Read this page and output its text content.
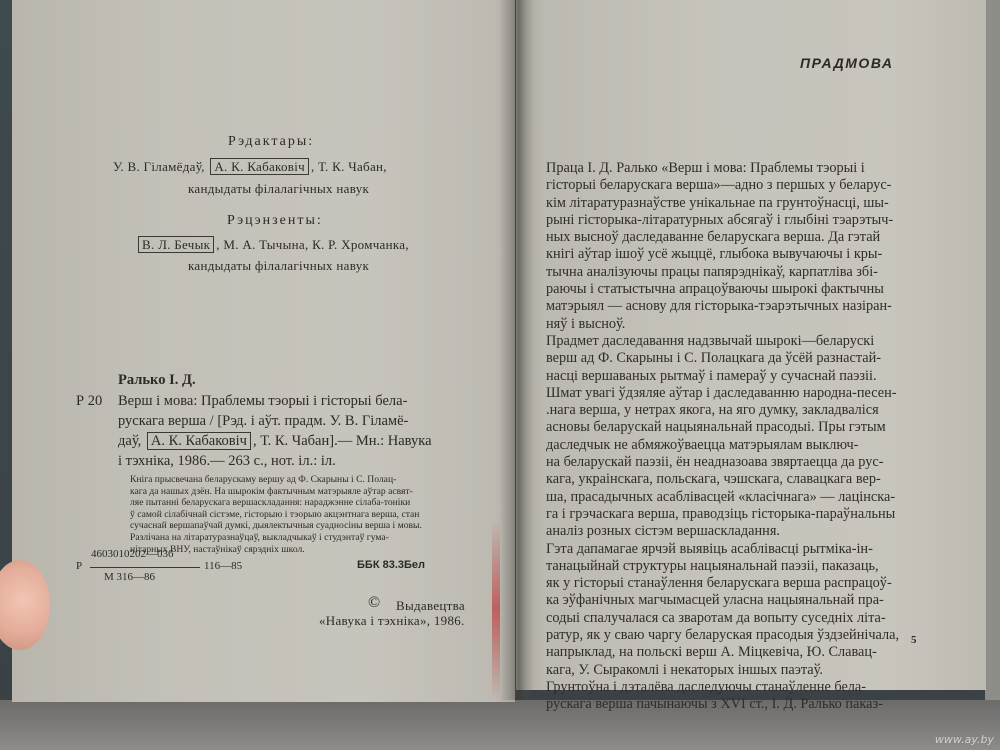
Рэдактары:
У. В. Гіламёдаў, А. К. Кабаковіч , Т. К. Чабан,
кандыдаты філалагічных навук
Рэцэнзенты:
В. Л. Бечык , М. А. Тычына, К. Р. Хромчанка,
кандыдаты філалагічных навук
Ралько І. Д.
Р 20 Верш і мова: Праблемы тэорыі і гісторыі бела-
рускага верша / [Рэд. і аўт. прадм. У. В. Гіламё-
даў, А. К. Кабаковіч , Т. К. Чабан].— Мн.: Навука
і тэхніка, 1986.— 263 с., нот. іл.: іл.
Кніга прысвечана беларускаму вершу ад Ф. Скарыны і С. Полац-
кага да нашых дзён. На шырокім фактычным матэрыяле аўтар асвят-
ляе пытанні беларускага вершаскладання: нараджэнне сілаба-тоніки
ў самой сілабічнай сістэме, гісторыю і тэорыю акцэнтнага верша, стан
сучаснай вершапаўчай думкі, дыялектычныя суадносіны верша і мовы.
Разлічана на літаратуразнаўцаў, выкладчыкаў і студэнтаў гума-
нітарных ВНУ, настаўнікаў сярэдніх школ.
4603010202—036
Р	116—85
М 316—86
ББК 83.3Бел
© Выдавецтва
«Навука і тэхніка», 1986.
ПРАДМОВА

Праца І. Д. Ралько «Верш і мова: Праблемы тэорыі і

гісторыі беларускага верша»—адно з першых у беларус-

кім літаратуразнаўстве унікальнае па грунтоўнасці, шы-

рыні гісторыка-літаратурных абсягаў і глыбіні тэарэтыч-

ных высноў даследаванне беларускага верша. Да гэтай

кнігі аўтар ішоў усё жыццё, глыбока вывучаючы і кры-

тычна аналізуючы працы папярэднікаў, карпатліва збі-

раючы і статыстычна апрацоўваючы шырокі фактычны

матэрыял — аснову для гісторыка-тэарэтычных назіран-

няў і высноў.

Прадмет даследавання надзвычай шырокі—беларускі

верш ад Ф. Скарыны і С. Полацкага да ўсёй разнастай-

насці вершаваных рытмаў і памераў у сучаснай паэзіі.

Шмат увагі ўдзяляе аўтар і даследаванню народна-песен-

.нага верша, у нетрах якога, на яго думку, закладваліся

асновы беларускай нацыянальнай прасодыі. Пры гэтым

даследчык не абмяжоўваецца матэрыялам выключ-

на беларускай паэзіі, ён неадназоава звяртаецца да рус-

кага, украінскага, польскага, чэшскага, славацкага вер-

ша, прасадычных асаблівасцей «класічнага» — лацінска-

га і грэчаскага верша, праводзіць гісторыка-параўнальны

аналіз розных сістэм вершаскладання.

Гэта дапамагае ярчэй выявіць асаблівасці рытміка-ін-

танацыйнай структуры нацыянальнай паэзіі, паказаць,

як у гісторыі станаўлення беларускага верша распрацоў-

ка эўфанічных магчымасцей уласна нацыянальнай пра-

содыі спалучалася са зваротам да вопыту суседніх літа-

ратур, як у сваю чаргу беларуская прасодыя ўздзейнічала,

напрыклад, на польскі верш А. Міцкевіча, Ю. Славац-

кага, У. Сыракомлі і некаторых іншых паэтаў.

Грунтоўна і дэталёва даследуючы станаўленне бела-

рускага верша пачынаючы з XVI ст., І. Д. Ралько паказ-

5
www.ay.by
